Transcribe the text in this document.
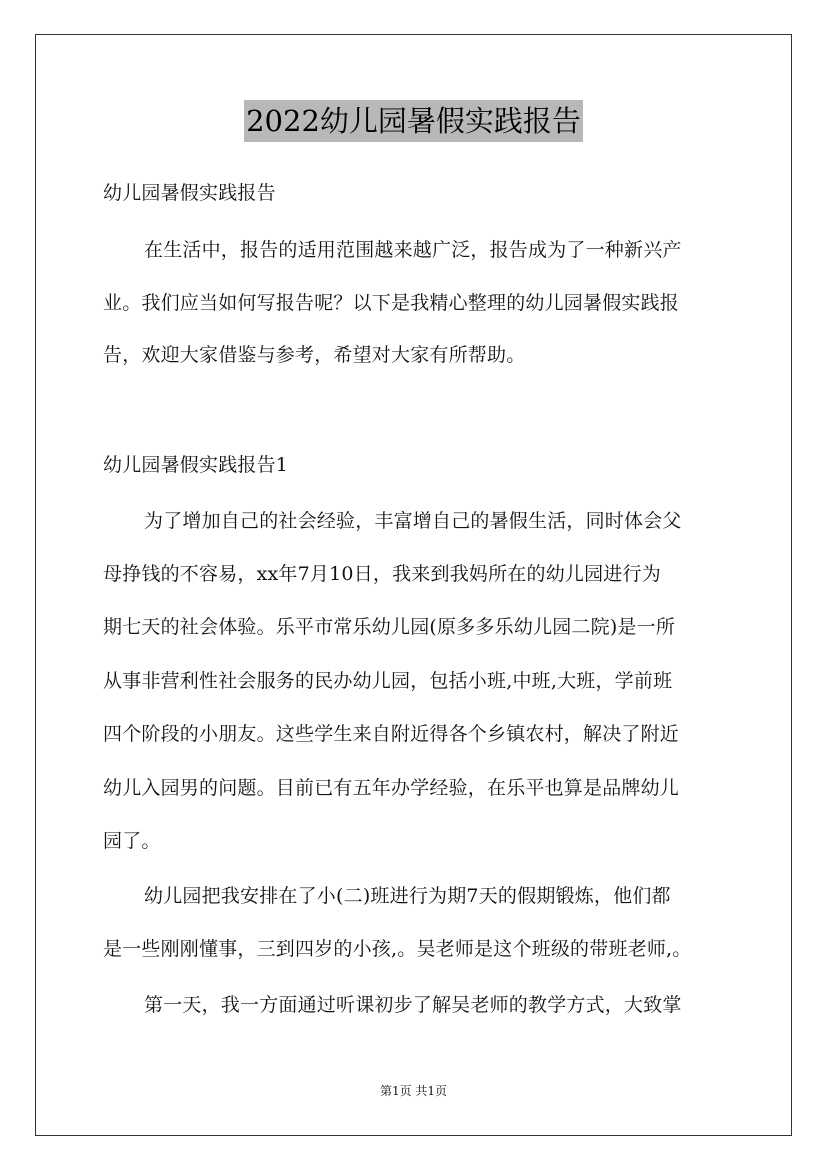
2022幼儿园暑假实践报告
幼儿园暑假实践报告
在生活中，报告的适用范围越来越广泛，报告成为了一种新兴产
业。我们应当如何写报告呢？以下是我精心整理的幼儿园暑假实践报
告，欢迎大家借鉴与参考，希望对大家有所帮助。
幼儿园暑假实践报告1
为了增加自己的社会经验，丰富增自己的暑假生活，同时体会父
母挣钱的不容易，xx年7月10日，我来到我妈所在的幼儿园进行为
期七天的社会体验。乐平市常乐幼儿园(原多多乐幼儿园二院)是一所
从事非营利性社会服务的民办幼儿园，包括小班,中班,大班，学前班
四个阶段的小朋友。这些学生来自附近得各个乡镇农村，解决了附近
幼儿入园男的问题。目前已有五年办学经验，在乐平也算是品牌幼儿
园了。
幼儿园把我安排在了小(二)班进行为期7天的假期锻炼，他们都
是一些刚刚懂事，三到四岁的小孩,。吴老师是这个班级的带班老师,。
第一天，我一方面通过听课初步了解吴老师的教学方式，大致掌
第1页 共1页
